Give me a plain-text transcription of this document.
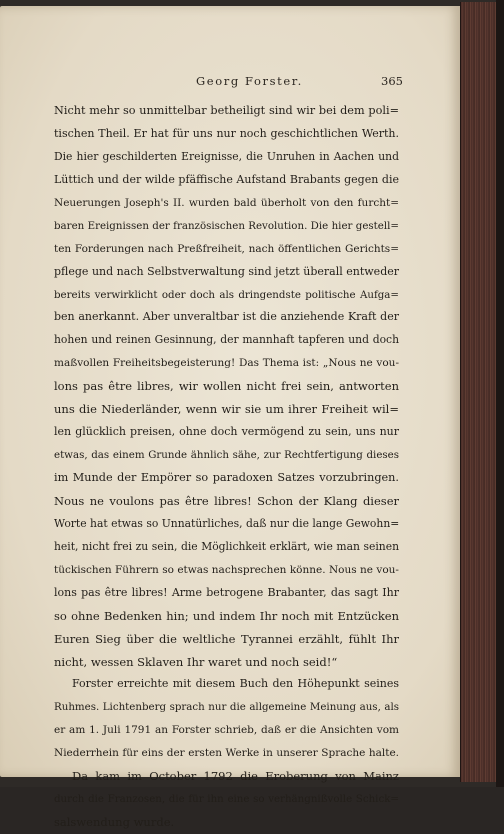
Georg Forster.	365
Nicht mehr so unmittelbar betheiligt sind wir bei dem poli=
tischen Theil. Er hat für uns nur noch geschichtlichen Werth.
Die hier geschilderten Ereignisse, die Unruhen in Aachen und
Lüttich und der wilde pfäffische Aufstand Brabants gegen die
Neuerungen Joseph's II. wurden bald überholt von den furcht=
baren Ereignissen der französischen Revolution. Die hier gestell=
ten Forderungen nach Preßfreiheit, nach öffentlichen Gerichts=
pflege und nach Selbstverwaltung sind jetzt überall entweder
bereits verwirklicht oder doch als dringendste politische Aufga=
ben anerkannt. Aber unveraltbar ist die anziehende Kraft der
hohen und reinen Gesinnung, der mannhaft tapferen und doch
maßvollen Freiheitsbegeisterung! Das Thema ist: „Nous ne vou-
lons pas être libres, wir wollen nicht frei sein, antworten
uns die Niederländer, wenn wir sie um ihrer Freiheit wil=
len glücklich preisen, ohne doch vermögend zu sein, uns nur
etwas, das einem Grunde ähnlich sähe, zur Rechtfertigung dieses
im Munde der Empörer so paradoxen Satzes vorzubringen.
Nous ne voulons pas être libres! Schon der Klang dieser
Worte hat etwas so Unnatürliches, daß nur die lange Gewohn=
heit, nicht frei zu sein, die Möglichkeit erklärt, wie man seinen
tückischen Führern so etwas nachsprechen könne. Nous ne vou-
lons pas être libres! Arme betrogene Brabanter, das sagt Ihr
so ohne Bedenken hin; und indem Ihr noch mit Entzücken
Euren Sieg über die weltliche Tyrannei erzählt, fühlt Ihr
nicht, wessen Sklaven Ihr waret und noch seid!“
Forster erreichte mit diesem Buch den Höhepunkt seines
Ruhmes. Lichtenberg sprach nur die allgemeine Meinung aus, als
er am 1. Juli 1791 an Forster schrieb, daß er die Ansichten vom
Niederrhein für eins der ersten Werke in unserer Sprache halte.
Da kam im October 1792 die Eroberung von Mainz
durch die Franzosen, die für ihn eine so verhängnißvolle Schick=
salswendung wurde.
